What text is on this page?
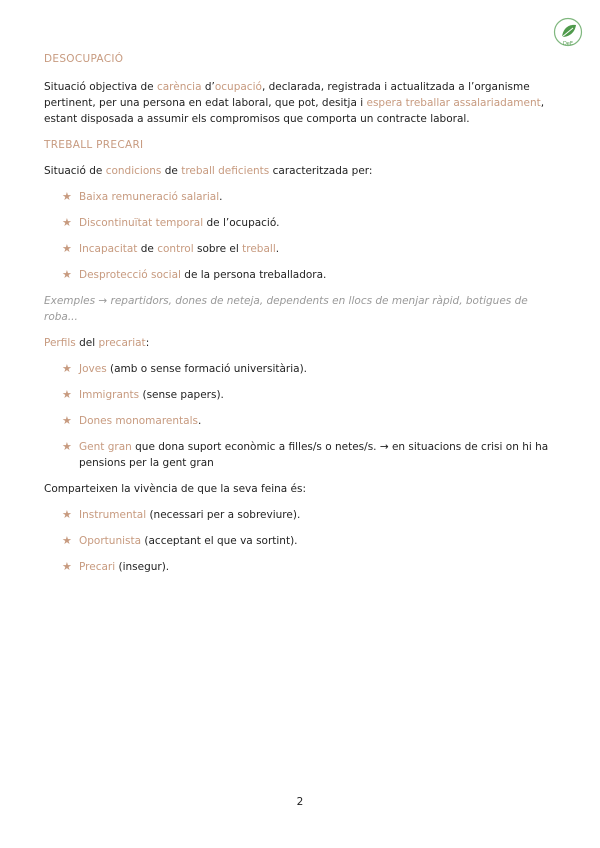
DeE

DESOCUPACIÓ

Situació objectiva de carència d’ocupació, declarada, registrada i actualitzada a l’organisme pertinent, per una persona en edat laboral, que pot, desitja i espera treballar assalariadament, estant disposada a assumir els compromisos que comporta un contracte laboral.

TREBALL PRECARI

Situació de condicions de treball deficients caracteritzada per:

★ Baixa remuneració salarial.
★ Discontinuïtat temporal de l’ocupació.
★ Incapacitat de control sobre el treball.
★ Desprotecció social de la persona treballadora.

Exemples → repartidors, dones de neteja, dependents en llocs de menjar ràpid, botigues de roba...

Perfils del precariat:

★ Joves (amb o sense formació universitària).
★ Immigrants (sense papers).
★ Dones monomarentals.
★ Gent gran que dona suport econòmic a filles/s o netes/s. → en situacions de crisi on hi ha pensions per la gent gran

Comparteixen la vivència de que la seva feina és:

★ Instrumental (necessari per a sobreviure).
★ Oportunista (acceptant el que va sortint).
★ Precari (insegur).
2
